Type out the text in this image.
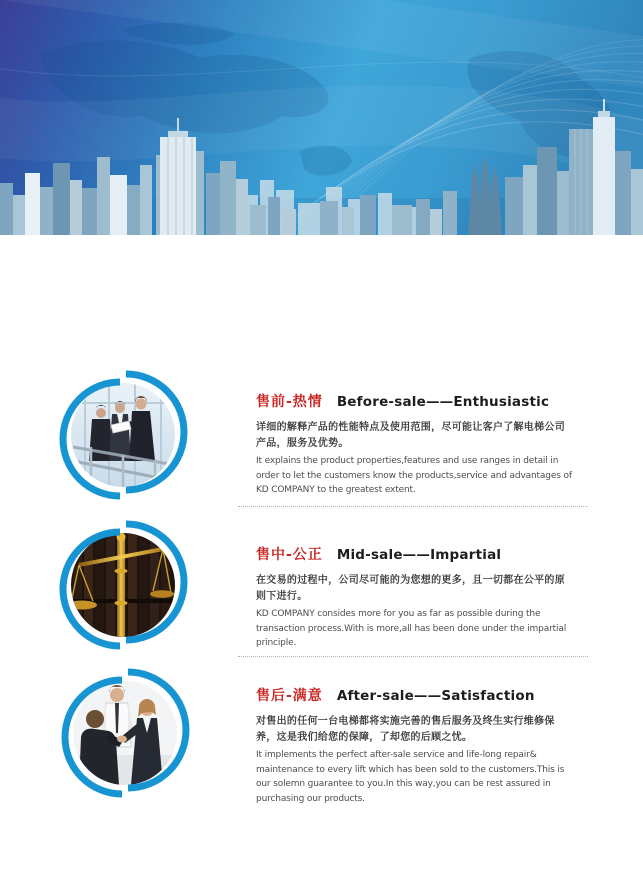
售前-热情 Before-sale——Enthusiastic

详细的解释产品的性能特点及使用范围，尽可能让客户了解电梯公司产品，服务及优势。

It explains the product properties,features and use ranges in detail in order to let the customers know the products,service and advantages of KD COMPANY to the greatest extent.

售中-公正 Mid-sale——Impartial

在交易的过程中，公司尽可能的为您想的更多，且一切都在公平的原则下进行。

KD COMPANY consides more for you as far as possible during the transaction process.With is more,all has been done under the impartial principle.

售后-满意 After-sale——Satisfaction

对售出的任何一台电梯都将实施完善的售后服务及终生实行维修保养，这是我们给您的保障，了却您的后顾之忧。

It implements the perfect after-sale service and life-long repair& maintenance to every lift which has been sold to the customers.This is our solemn guarantee to you.In this way,you can be rest assured in purchasing our products.
